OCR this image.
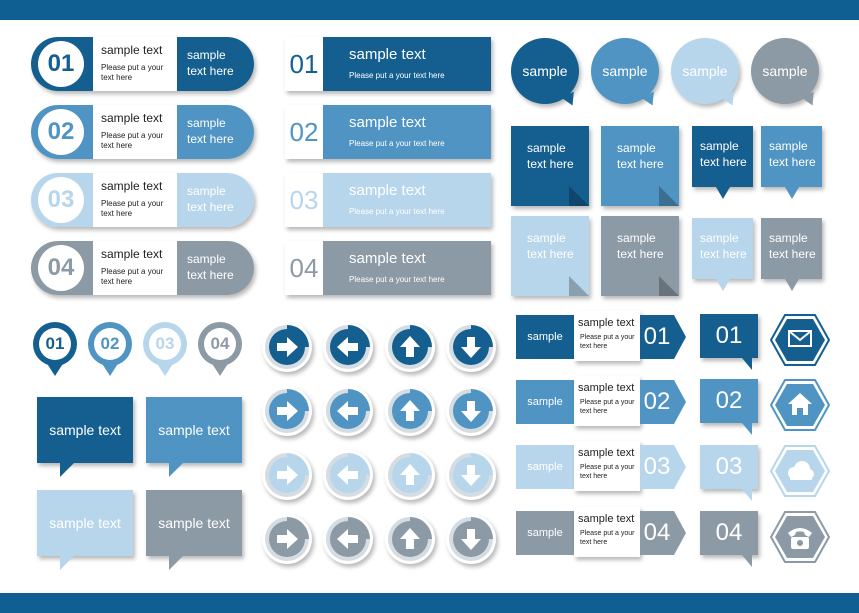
01 sample text
Please put a your text here
sample text here
02 sample text
Please put a your text here
sample text here
03 sample text
Please put a your text here
sample text here
04 sample text
Please put a your text here
sample text here
01	sample text
Please put a your text here
02	sample text
Please put a your text here
03	sample text
Please put a your text here
04	sample text
Please put a your text here
sample	sample	sample	sample
sample text here
sample text here
sample text here
sample text here
sample text here
sample text here
sample text here
sample text here
01	02	03	04
sample text	sample text
sample text	sample text
sample
sample text
Please put a your text here	01
sample
sample text
Please put a your text here	02
sample
sample text
Please put a your text here	03
sample
sample text
Please put a your text here	04
01
02
03
04
